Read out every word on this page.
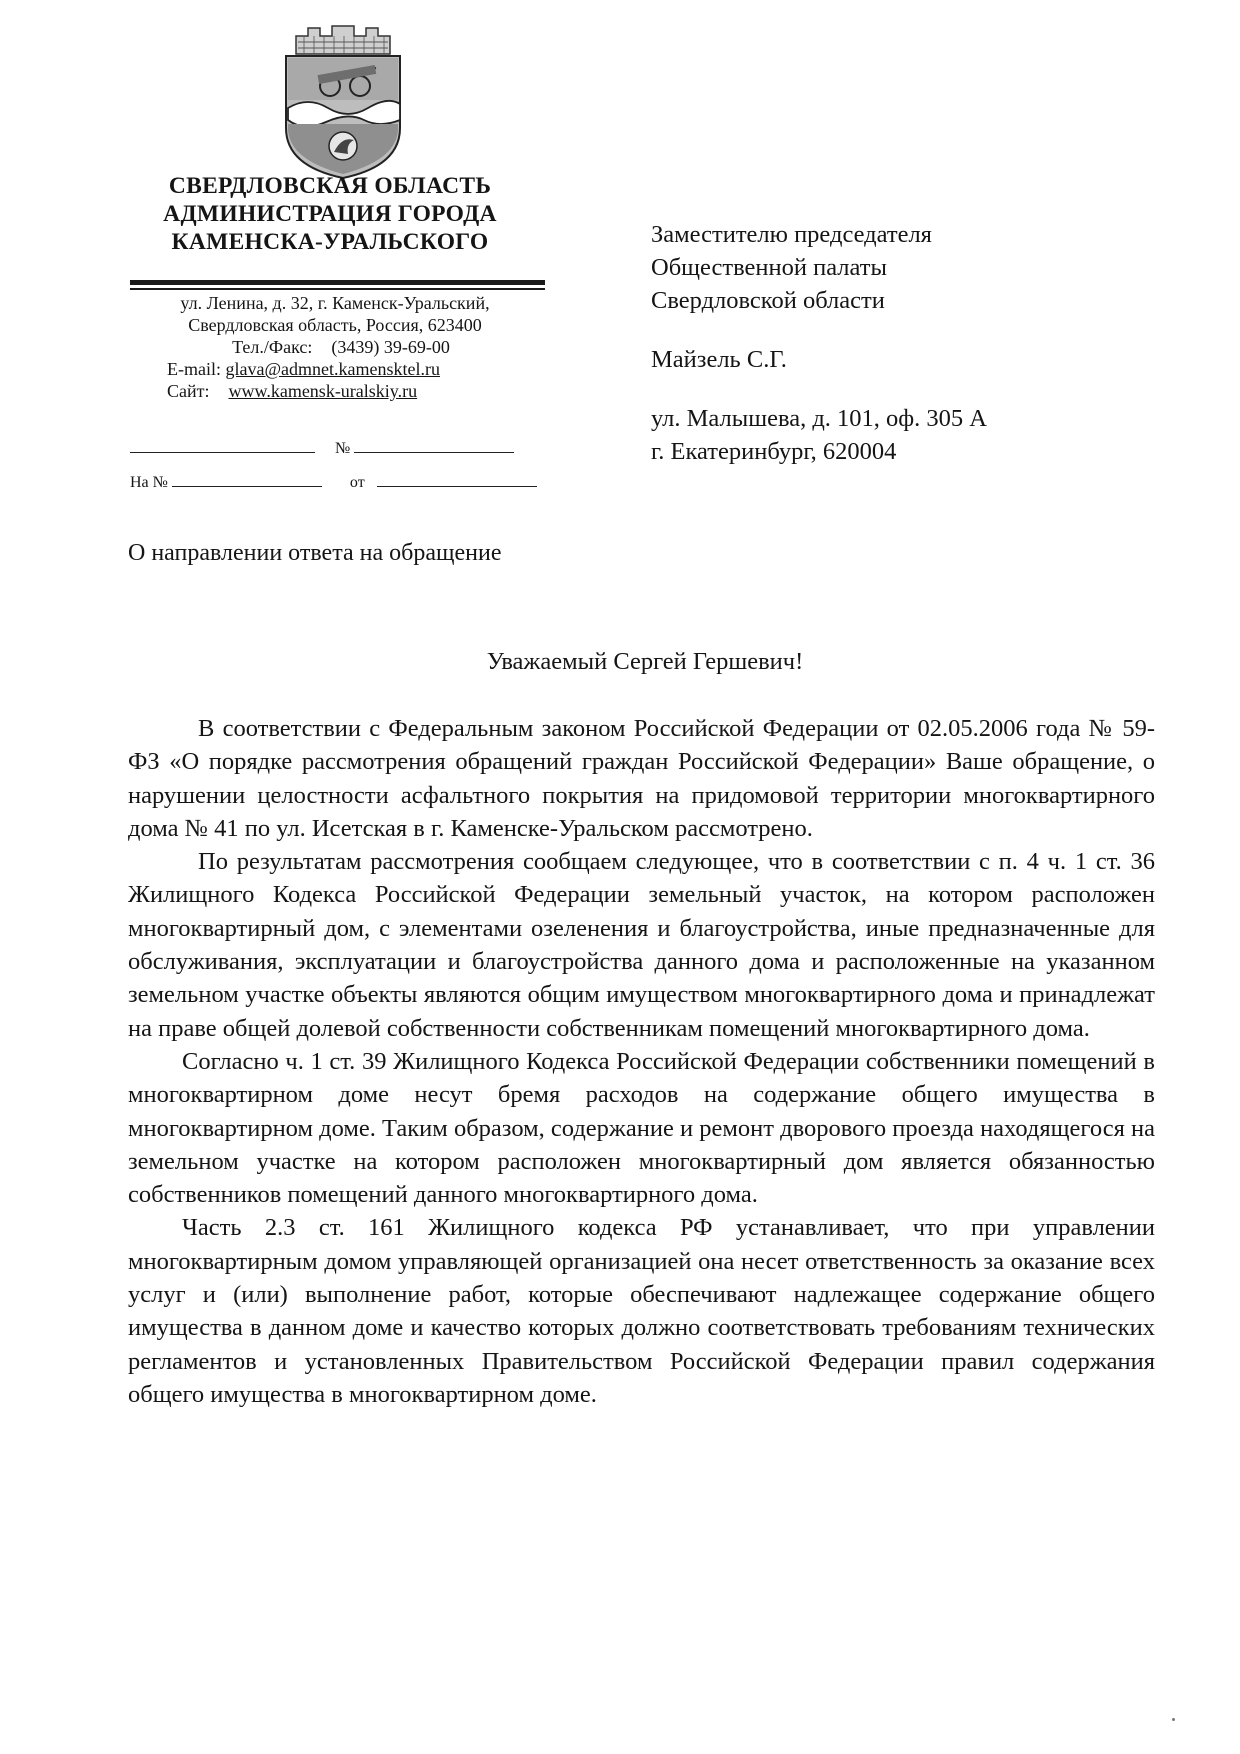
СВЕРДЛОВСКАЯ ОБЛАСТЬ
АДМИНИСТРАЦИЯ ГОРОДА
КАМЕНСКА-УРАЛЬСКОГО
ул. Ленина, д. 32, г. Каменск-Уральский,
Свердловская область, Россия, 623400
Тел./Факс: (3439) 39-69-00
E-mail: glava@admnet.kamensktel.ru
Сайт: www.kamensk-uralskiy.ru
№
На №	от
Заместителю председателя
Общественной палаты
Свердловской области
Майзель С.Г.
ул. Малышева, д. 101, оф. 305 А
г. Екатеринбург, 620004
О направлении ответа на обращение
Уважаемый Сергей Гершевич!

В соответствии с Федеральным законом Российской Федерации от 02.05.2006 года № 59-ФЗ «О порядке рассмотрения обращений граждан Российской Федерации» Ваше обращение, о нарушении целостности асфальтного покрытия на придомовой территории многоквартирного дома № 41 по ул. Исетская в г. Каменске-Уральском рассмотрено.

По результатам рассмотрения сообщаем следующее, что в соответствии с п. 4 ч. 1 ст. 36 Жилищного Кодекса Российской Федерации земельный участок, на котором расположен многоквартирный дом, с элементами озеленения и благоустройства, иные предназначенные для обслуживания, эксплуатации и благоустройства данного дома и расположенные на указанном земельном участке объекты являются общим имуществом многоквартирного дома и принадлежат на праве общей долевой собственности собственникам помещений многоквартирного дома.

Согласно ч. 1 ст. 39 Жилищного Кодекса Российской Федерации собственники помещений в многоквартирном доме несут бремя расходов на содержание общего имущества в многоквартирном доме. Таким образом, содержание и ремонт дворового проезда находящегося на земельном участке на котором расположен многоквартирный дом является обязанностью собственников помещений данного многоквартирного дома.

Часть 2.3 ст. 161 Жилищного кодекса РФ устанавливает, что при управлении многоквартирным домом управляющей организацией она несет ответственность за оказание всех услуг и (или) выполнение работ, которые обеспечивают надлежащее содержание общего имущества в данном доме и качество которых должно соответствовать требованиям технических регламентов и установленных Правительством Российской Федерации правил содержания общего имущества в многоквартирном доме.
